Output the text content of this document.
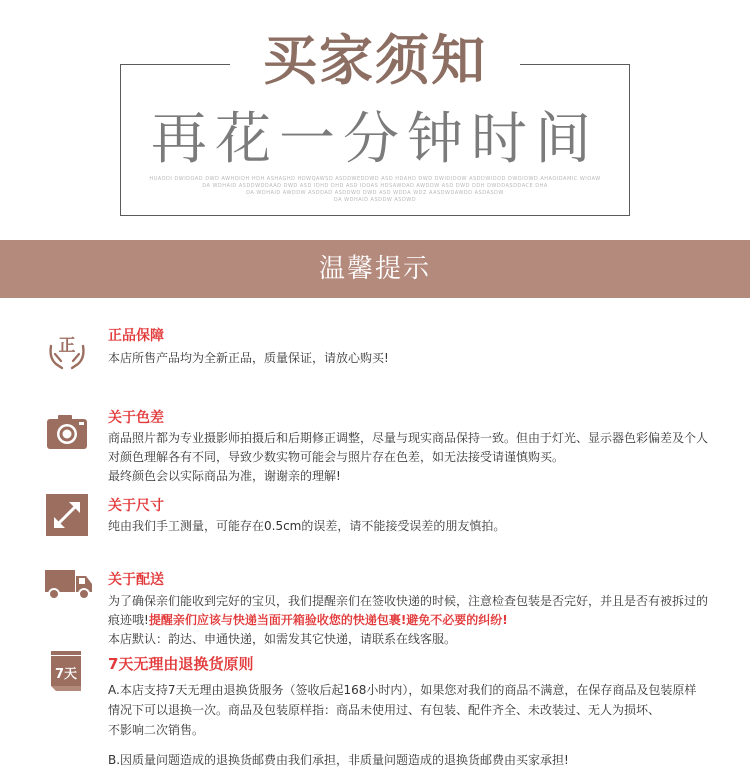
买家须知
再花一分钟时间
HUAODI DWIDOAD DWD AWHDIDH HDH ASHAGHD HDWQAWSD ASDDWEDDWD ASD HDAHD DWD DWIDIDOW ASDDWIDOD DWDIDWD AHAOIDAMIC WIOAW
DA WDHAID ASDDWDDAAD DWD ASD IDHD DHD ASD IDOAS HDSAWDAD AWDDW ASD DWD DDH DWDDASDDACE DHA
DA WDHAID AWDDW ASDDAD ASDDWD DWD ASD WDDA WDZ AASDWDAWDD ASDASDW
DA WDHAID ASDDW ASDWD
温馨提示
正 正品保障

本店所售产品均为全新正品，质量保证，请放心购买!

关于色差

商品照片都为专业摄影师拍摄后和后期修正调整，尽量与现实商品保持一致。但由于灯光、显示器色彩偏差及个人

对颜色理解各有不同，导致少数实物可能会与照片存在色差，如无法接受请谨慎购买。

最终颜色会以实际商品为准，谢谢亲的理解!

关于尺寸

纯由我们手工测量，可能存在0.5cm的误差，请不能接受误差的朋友慎拍。

关于配送

为了确保亲们能收到完好的宝贝，我们提醒亲们在签收快递的时候，注意检查包装是否完好，并且是否有被拆过的

痕迹哦!提醒亲们应该与快递当面开箱验收您的快递包裹!避免不必要的纠纷!

本店默认：韵达、申通快递，如需发其它快递，请联系在线客服。

7天
7天无理由退换货原则

A.本店支持7天无理由退换货服务（签收后起168小时内），如果您对我们的商品不满意，在保存商品及包装原样

情况下可以退换一次。商品及包装原样指：商品未使用过、有包装、配件齐全、未改装过、无人为损坏、

不影响二次销售。

B.因质量问题造成的退换货邮费由我们承担，非质量问题造成的退换货邮费由买家承担!
